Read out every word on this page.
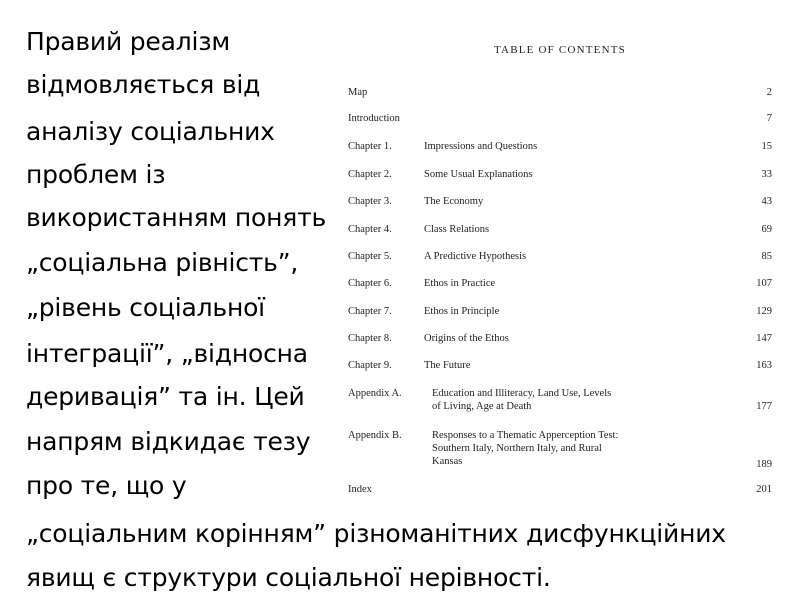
Правий реалізм
відмовляється від
аналізу соціальних
проблем із
використанням понять
„соціальна рівність”,
„рівень соціальної
інтеграції”, „відносна
деривація” та ін. Цей
напрям відкидає тезу
про те, що у
„соціальним корінням” різноманітних дисфункційних
явищ є структури соціальної нерівності.
TABLE OF CONTENTS
Map	2
Introduction	7
Chapter 1.	Impressions and Questions	15
Chapter 2.	Some Usual Explanations	33
Chapter 3.	The Economy	43
Chapter 4.	Class Relations	69
Chapter 5.	A Predictive Hypothesis	85
Chapter 6.	Ethos in Practice	107
Chapter 7.	Ethos in Principle	129
Chapter 8.	Origins of the Ethos	147
Chapter 9.	The Future	163
Appendix A.	Education and Illiteracy, Land Use, Levels
of Living, Age at Death	177
Appendix B.	Responses to a Thematic Apperception Test:
Southern Italy, Northern Italy, and Rural
Kansas	189
Index	201
